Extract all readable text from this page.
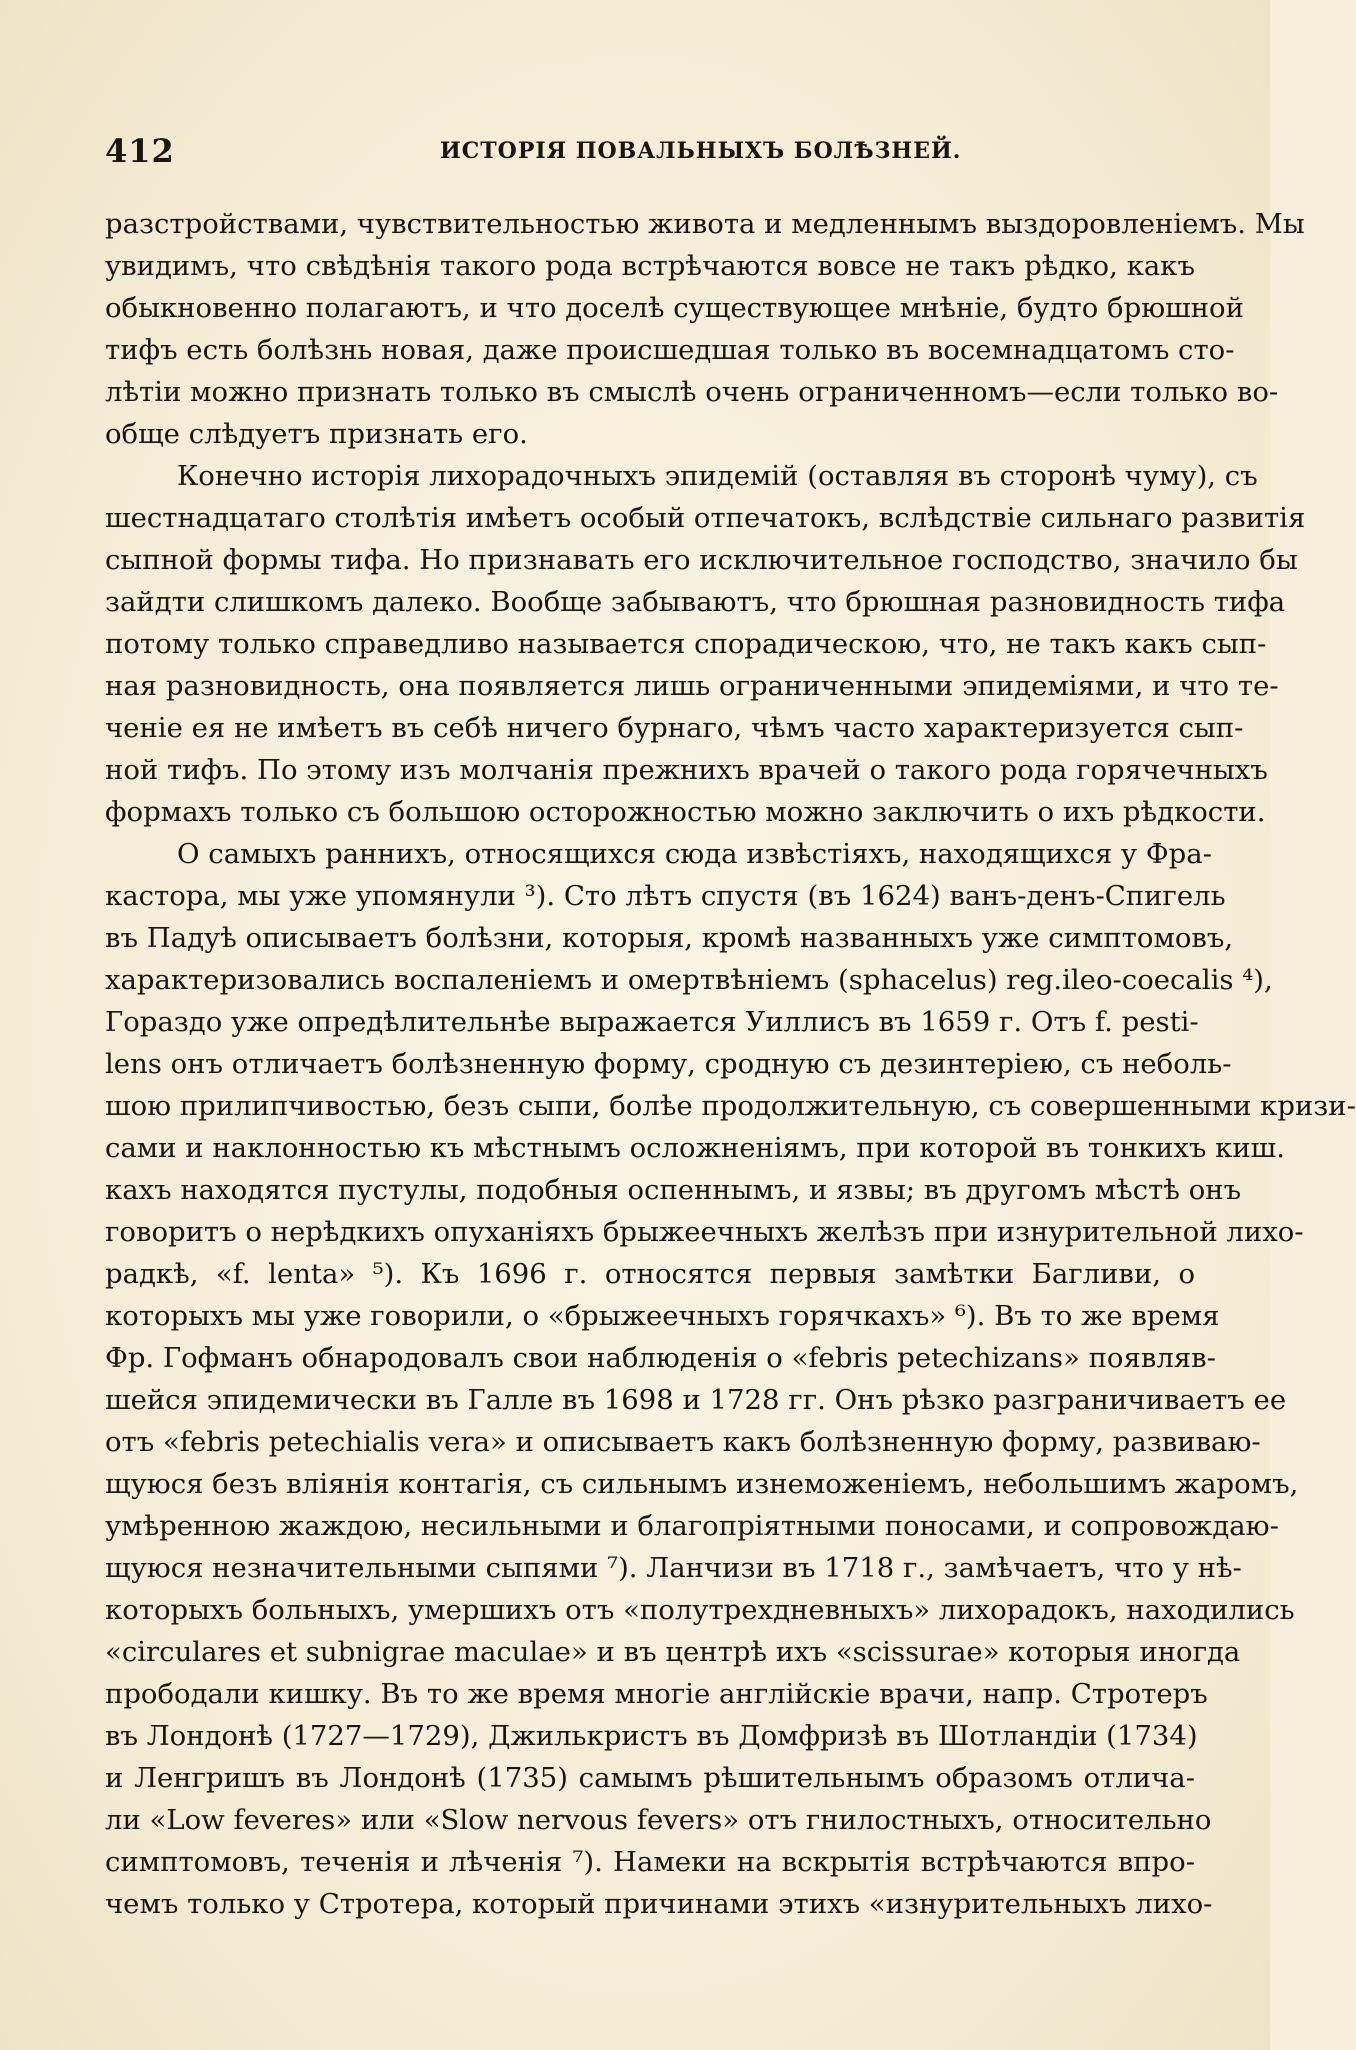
412	ИСТОРІЯ ПОВАЛЬНЫХЪ БОЛѢЗНЕЙ.
разстройствами, чувствительностью живота и медленнымъ выздоровленіемъ. Мы
увидимъ, что свѣдѣнія такого рода встрѣчаются вовсе не такъ рѣдко, какъ
обыкновенно полагаютъ, и что доселѣ существующее мнѣніе, будто брюшной
тифъ есть болѣзнь новая, даже происшедшая только въ восемнадцатомъ сто-
лѣтіи можно признать только въ смыслѣ очень ограниченномъ—если только во-
обще слѣдуетъ признать его.
Конечно исторія лихорадочныхъ эпидемій (оставляя въ сторонѣ чуму), съ
шестнадцатаго столѣтія имѣетъ особый отпечатокъ, вслѣдствіе сильнаго развитія
сыпной формы тифа. Но признавать его исключительное господство, значило бы
зайдти слишкомъ далеко. Вообще забываютъ, что брюшная разновидность тифа
потому только справедливо называется спорадическою, что, не такъ какъ сып-
ная разновидность, она появляется лишь ограниченными эпидеміями, и что те-
ченіе ея не имѣетъ въ себѣ ничего бурнаго, чѣмъ часто характеризуется сып-
ной тифъ. По этому изъ молчанія прежнихъ врачей о такого рода горячечныхъ
формахъ только съ большою осторожностью можно заключить о ихъ рѣдкости.
О самыхъ раннихъ, относящихся сюда извѣстіяхъ, находящихся у Фра-
кастора, мы уже упомянули ³). Сто лѣтъ спустя (въ 1624) ванъ-денъ-Спигель
въ Падуѣ описываетъ болѣзни, которыя, кромѣ названныхъ уже симптомовъ,
характеризовались воспаленіемъ и омертвѣніемъ (sphacelus) reg.ileo-coecalis ⁴),
Гораздо уже опредѣлительнѣе выражается Уиллисъ въ 1659 г. Отъ f. pesti-
lens онъ отличаетъ болѣзненную форму, сродную съ дезинтеріею, съ неболь-
шою прилипчивостью, безъ сыпи, болѣе продолжительную, съ совершенными кризи-
сами и наклонностью къ мѣстнымъ осложненіямъ, при которой въ тонкихъ киш.
кахъ находятся пустулы, подобныя оспеннымъ, и язвы; въ другомъ мѣстѣ онъ
говоритъ о нерѣдкихъ опуханіяхъ брыжеечныхъ желѣзъ при изнурительной лихо-
радкѣ, «f. lenta» ⁵). Къ 1696 г. относятся первыя замѣтки Багливи, о
которыхъ мы уже говорили, о «брыжеечныхъ горячкахъ» ⁶). Въ то же время
Фр. Гофманъ обнародовалъ свои наблюденія о «febris petechizans» появляв-
шейся эпидемически въ Галле въ 1698 и 1728 гг. Онъ рѣзко разграничиваетъ ее
отъ «febris petechialis vera» и описываетъ какъ болѣзненную форму, развиваю-
щуюся безъ вліянія контагія, съ сильнымъ изнеможеніемъ, небольшимъ жаромъ,
умѣренною жаждою, несильными и благопріятными поносами, и сопровождаю-
щуюся незначительными сыпями ⁷). Ланчизи въ 1718 г., замѣчаетъ, что у нѣ-
которыхъ больныхъ, умершихъ отъ «полутрехдневныхъ» лихорадокъ, находились
«circulares et subnigrae maculae» и въ центрѣ ихъ «scissurae» которыя иногда
прободали кишку. Въ то же время многіе англійскіе врачи, напр. Стротеръ
въ Лондонѣ (1727—1729), Джилькристъ въ Домфризѣ въ Шотландіи (1734)
и Ленгришъ въ Лондонѣ (1735) самымъ рѣшительнымъ образомъ отлича-
ли «Low feveres» или «Slow nervous fevers» отъ гнилостныхъ, относительно
симптомовъ, теченія и лѣченія ⁷). Намеки на вскрытія встрѣчаются впро-
чемъ только у Стротера, который причинами этихъ «изнурительныхъ лихо-
